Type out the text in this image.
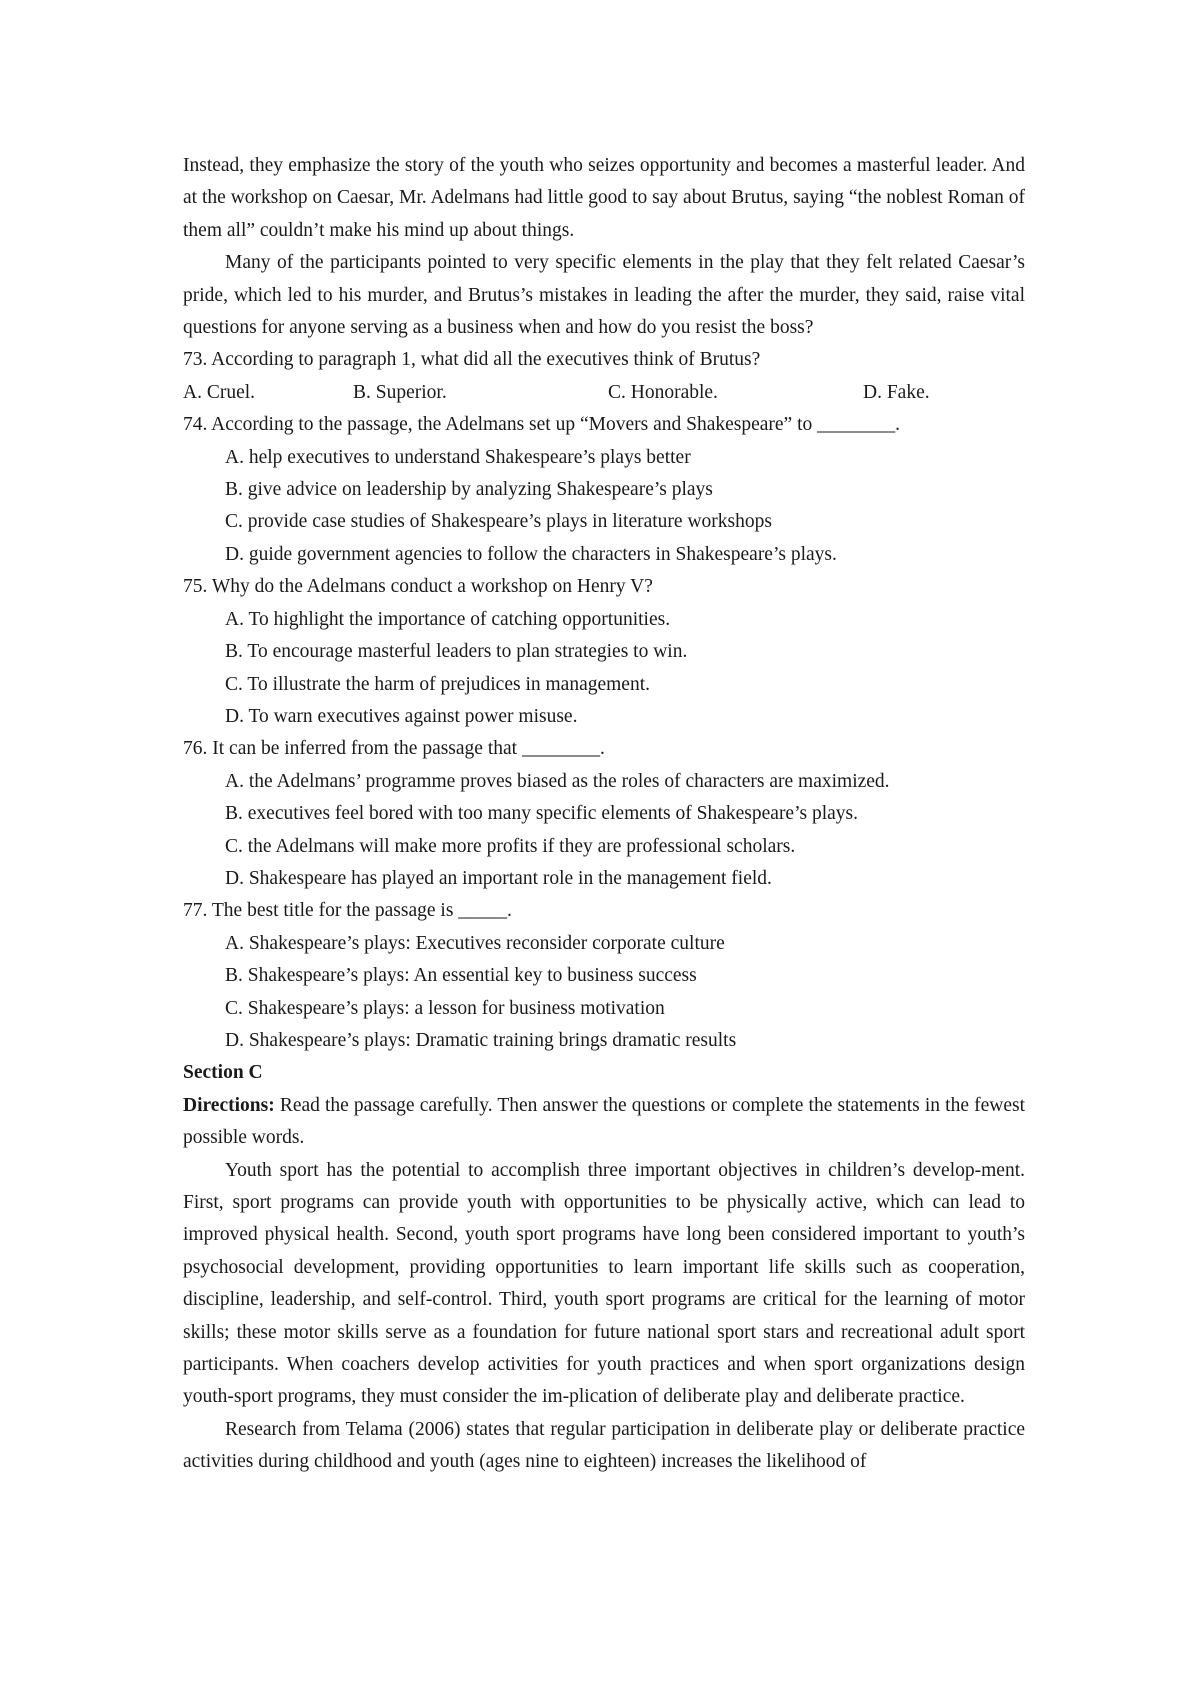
Instead, they emphasize the story of the youth who seizes opportunity and becomes a masterful leader. And at the workshop on Caesar, Mr. Adelmans had little good to say about Brutus, saying “the noblest Roman of them all” couldn’t make his mind up about things.

Many of the participants pointed to very specific elements in the play that they felt related Caesar’s pride, which led to his murder, and Brutus’s mistakes in leading the after the murder, they said, raise vital questions for anyone serving as a business when and how do you resist the boss?

73. According to paragraph 1, what did all the executives think of Brutus?

A. Cruel.	B. Superior.	C. Honorable.	D. Fake.

74. According to the passage, the Adelmans set up “Movers and Shakespeare” to ________.

A. help executives to understand Shakespeare’s plays better

B. give advice on leadership by analyzing Shakespeare’s plays

C. provide case studies of Shakespeare’s plays in literature workshops

D. guide government agencies to follow the characters in Shakespeare’s plays.

75. Why do the Adelmans conduct a workshop on Henry V?

A. To highlight the importance of catching opportunities.

B. To encourage masterful leaders to plan strategies to win.

C. To illustrate the harm of prejudices in management.

D. To warn executives against power misuse.

76. It can be inferred from the passage that ________.

A. the Adelmans’ programme proves biased as the roles of characters are maximized.

B. executives feel bored with too many specific elements of Shakespeare’s plays.

C. the Adelmans will make more profits if they are professional scholars.

D. Shakespeare has played an important role in the management field.

77. The best title for the passage is _____.

A. Shakespeare’s plays: Executives reconsider corporate culture

B. Shakespeare’s plays: An essential key to business success

C. Shakespeare’s plays: a lesson for business motivation

D. Shakespeare’s plays: Dramatic training brings dramatic results

Section C

Directions: Read the passage carefully. Then answer the questions or complete the statements in the fewest possible words.

Youth sport has the potential to accomplish three important objectives in children’s develop-ment. First, sport programs can provide youth with opportunities to be physically active, which can lead to improved physical health. Second, youth sport programs have long been considered important to youth’s psychosocial development, providing opportunities to learn important life skills such as cooperation, discipline, leadership, and self-control. Third, youth sport programs are critical for the learning of motor skills; these motor skills serve as a foundation for future national sport stars and recreational adult sport participants. When coachers develop activities for youth practices and when sport organizations design youth-sport programs, they must consider the im-plication of deliberate play and deliberate practice.

Research from Telama (2006) states that regular participation in deliberate play or deliberate practice activities during childhood and youth (ages nine to eighteen) increases the likelihood of
